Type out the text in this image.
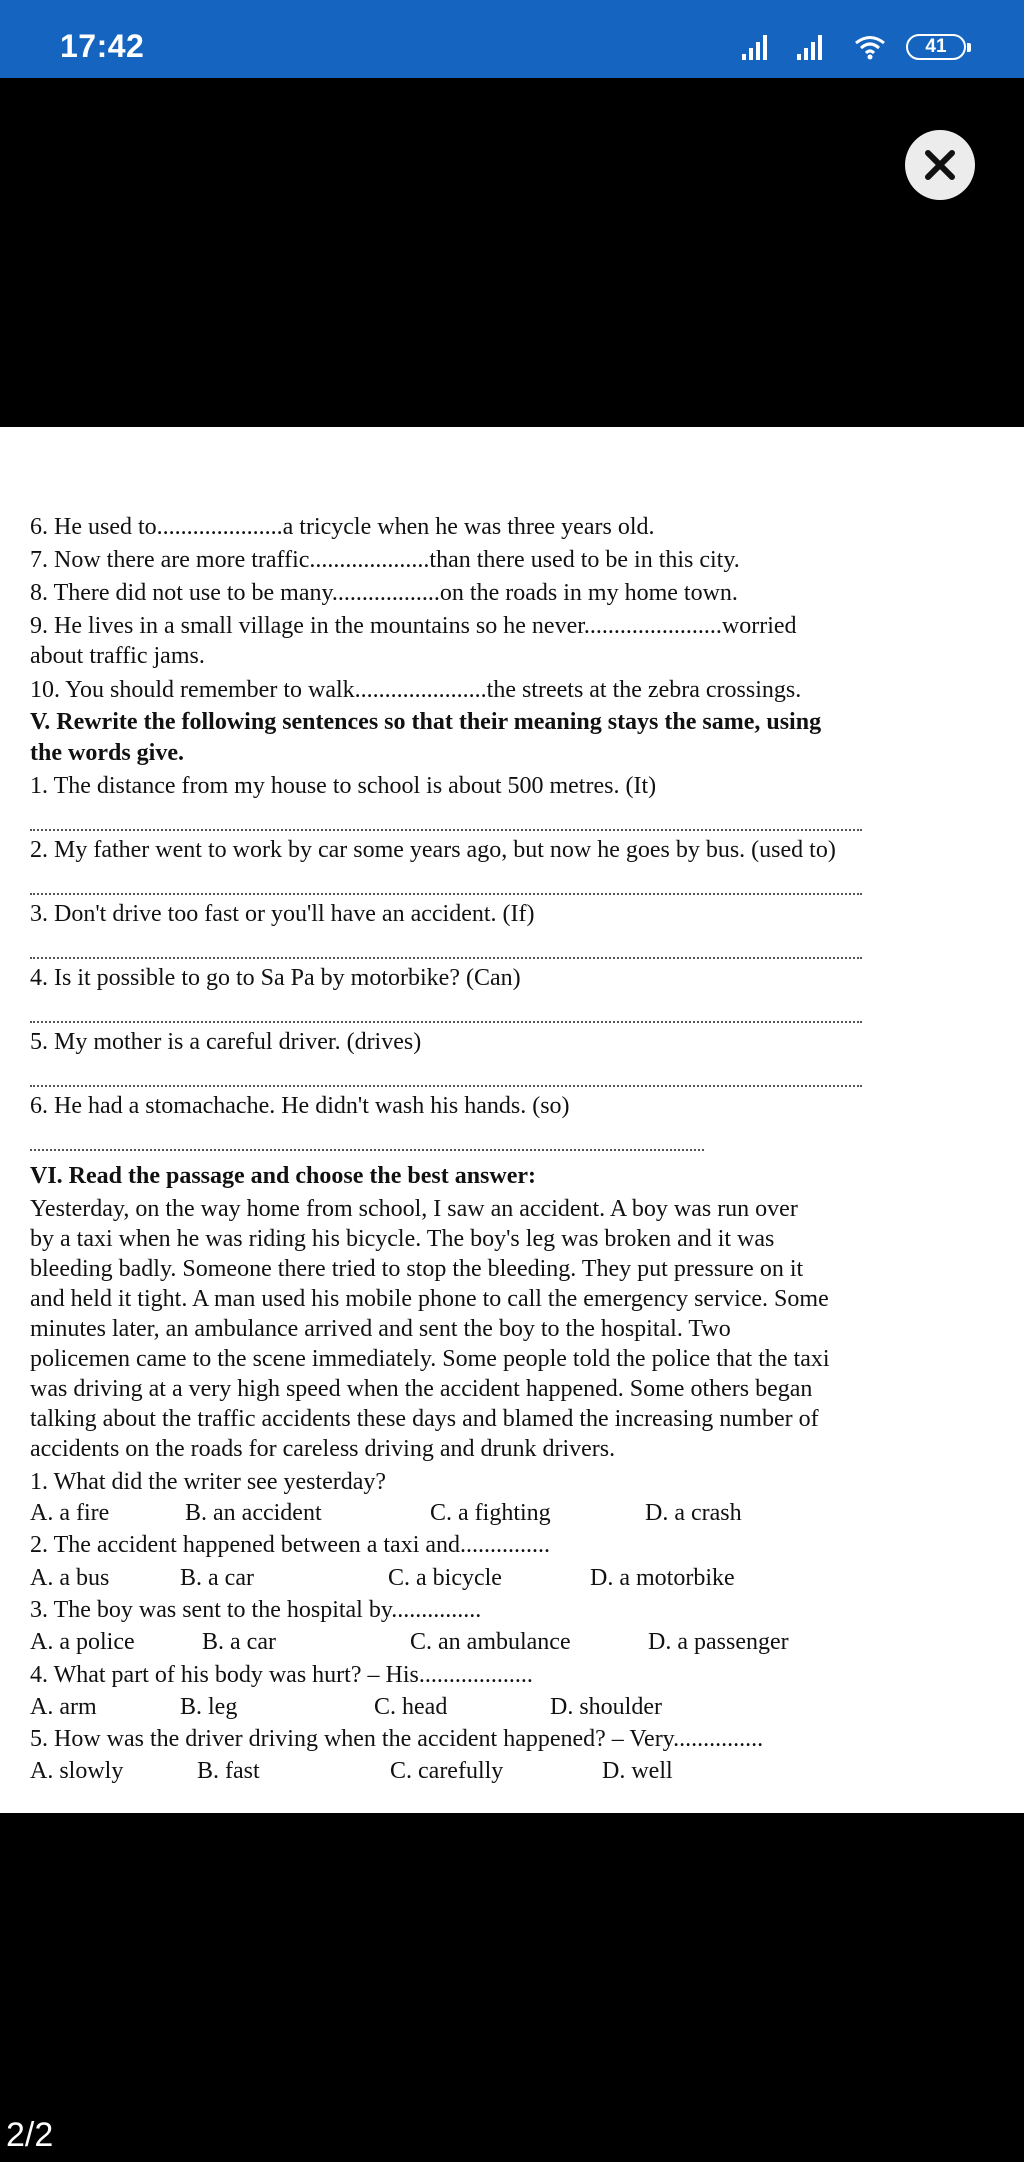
17:42	41
6. He used to.....................a tricycle when he was three years old.
7. Now there are more traffic....................than there used to be in this city.
8. There did not use to be many..................on the roads in my home town.
9. He lives in a small village in the mountains so he never.......................worried
about traffic jams.
10. You should remember to walk......................the streets at the zebra crossings.
V. Rewrite the following sentences so that their meaning stays the same, using
the words give.
1. The distance from my house to school is about 500 metres. (It)
2. My father went to work by car some years ago, but now he goes by bus. (used to)
3. Don't drive too fast or you'll have an accident. (If)
4. Is it possible to go to Sa Pa by motorbike? (Can)
5. My mother is a careful driver. (drives)
6. He had a stomachache. He didn't wash his hands. (so)
VI. Read the passage and choose the best answer:
Yesterday, on the way home from school, I saw an accident. A boy was run over
by a taxi when he was riding his bicycle. The boy's leg was broken and it was
bleeding badly. Someone there tried to stop the bleeding. They put pressure on it
and held it tight. A man used his mobile phone to call the emergency service. Some
minutes later, an ambulance arrived and sent the boy to the hospital. Two
policemen came to the scene immediately. Some people told the police that the taxi
was driving at a very high speed when the accident happened. Some others began
talking about the traffic accidents these days and blamed the increasing number of
accidents on the roads for careless driving and drunk drivers.
1. What did the writer see yesterday?
A. a fire	B. an accident	C. a fighting	D. a crash
2. The accident happened between a taxi and...............
A. a bus	B. a car	C. a bicycle	D. a motorbike
3. The boy was sent to the hospital by...............
A. a police	B. a car	C. an ambulance	D. a passenger
4. What part of his body was hurt? – His...................
A. arm	B. leg	C. head	D. shoulder
5. How was the driver driving when the accident happened? – Very...............
A. slowly	B. fast	C. carefully	D. well
2/2
